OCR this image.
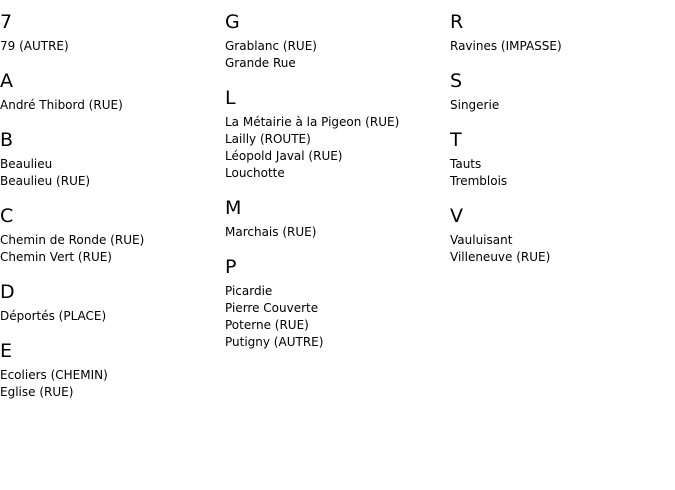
7
79 (AUTRE)
A
André Thibord (RUE)
B
Beaulieu
Beaulieu (RUE)
C
Chemin de Ronde (RUE)
Chemin Vert (RUE)
D
Déportés (PLACE)
E
Ecoliers (CHEMIN)
Eglise (RUE)
G
Grablanc (RUE)
Grande Rue
L
La Métairie à la Pigeon (RUE)
Lailly (ROUTE)
Léopold Javal (RUE)
Louchotte
M
Marchais (RUE)
P
Picardie
Pierre Couverte
Poterne (RUE)
Putigny (AUTRE)
R
Ravines (IMPASSE)
S
Singerie
T
Tauts
Tremblois
V
Vauluisant
Villeneuve (RUE)
